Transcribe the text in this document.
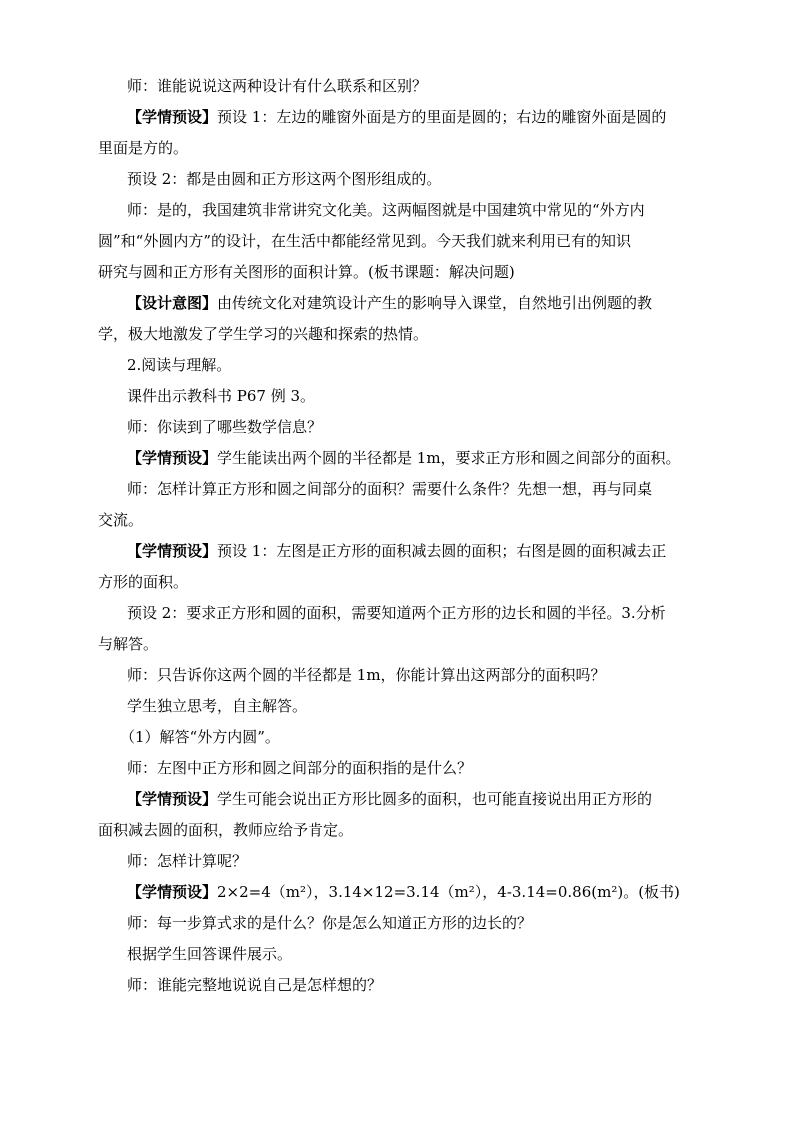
师：谁能说说这两种设计有什么联系和区别？
【学情预设】预设 1：左边的雕窗外面是方的里面是圆的；右边的雕窗外面是圆的
里面是方的。
预设 2：都是由圆和正方形这两个图形组成的。
师：是的，我国建筑非常讲究文化美。这两幅图就是中国建筑中常见的“外方内
圆”和“外圆内方”的设计，在生活中都能经常见到。今天我们就来利用已有的知识
研究与圆和正方形有关图形的面积计算。(板书课题：解决问题)
【设计意图】由传统文化对建筑设计产生的影响导入课堂，自然地引出例题的教
学，极大地激发了学生学习的兴趣和探索的热情。
2.阅读与理解。
课件出示教科书 P67 例 3。
师：你读到了哪些数学信息？
【学情预设】学生能读出两个圆的半径都是 1m，要求正方形和圆之间部分的面积。
师：怎样计算正方形和圆之间部分的面积？需要什么条件？先想一想，再与同桌
交流。
【学情预设】预设 1：左图是正方形的面积减去圆的面积；右图是圆的面积减去正
方形的面积。
预设 2：要求正方形和圆的面积，需要知道两个正方形的边长和圆的半径。3.分析
与解答。
师：只告诉你这两个圆的半径都是 1m，你能计算出这两部分的面积吗？
学生独立思考，自主解答。
（1）解答“外方内圆”。
师：左图中正方形和圆之间部分的面积指的是什么？
【学情预设】学生可能会说出正方形比圆多的面积，也可能直接说出用正方形的
面积减去圆的面积，教师应给予肯定。
师：怎样计算呢？
【学情预设】2×2=4（m²），3.14×12=3.14（m²），4-3.14=0.86(m²)。(板书)
师：每一步算式求的是什么？你是怎么知道正方形的边长的？
根据学生回答课件展示。
师：谁能完整地说说自己是怎样想的？
